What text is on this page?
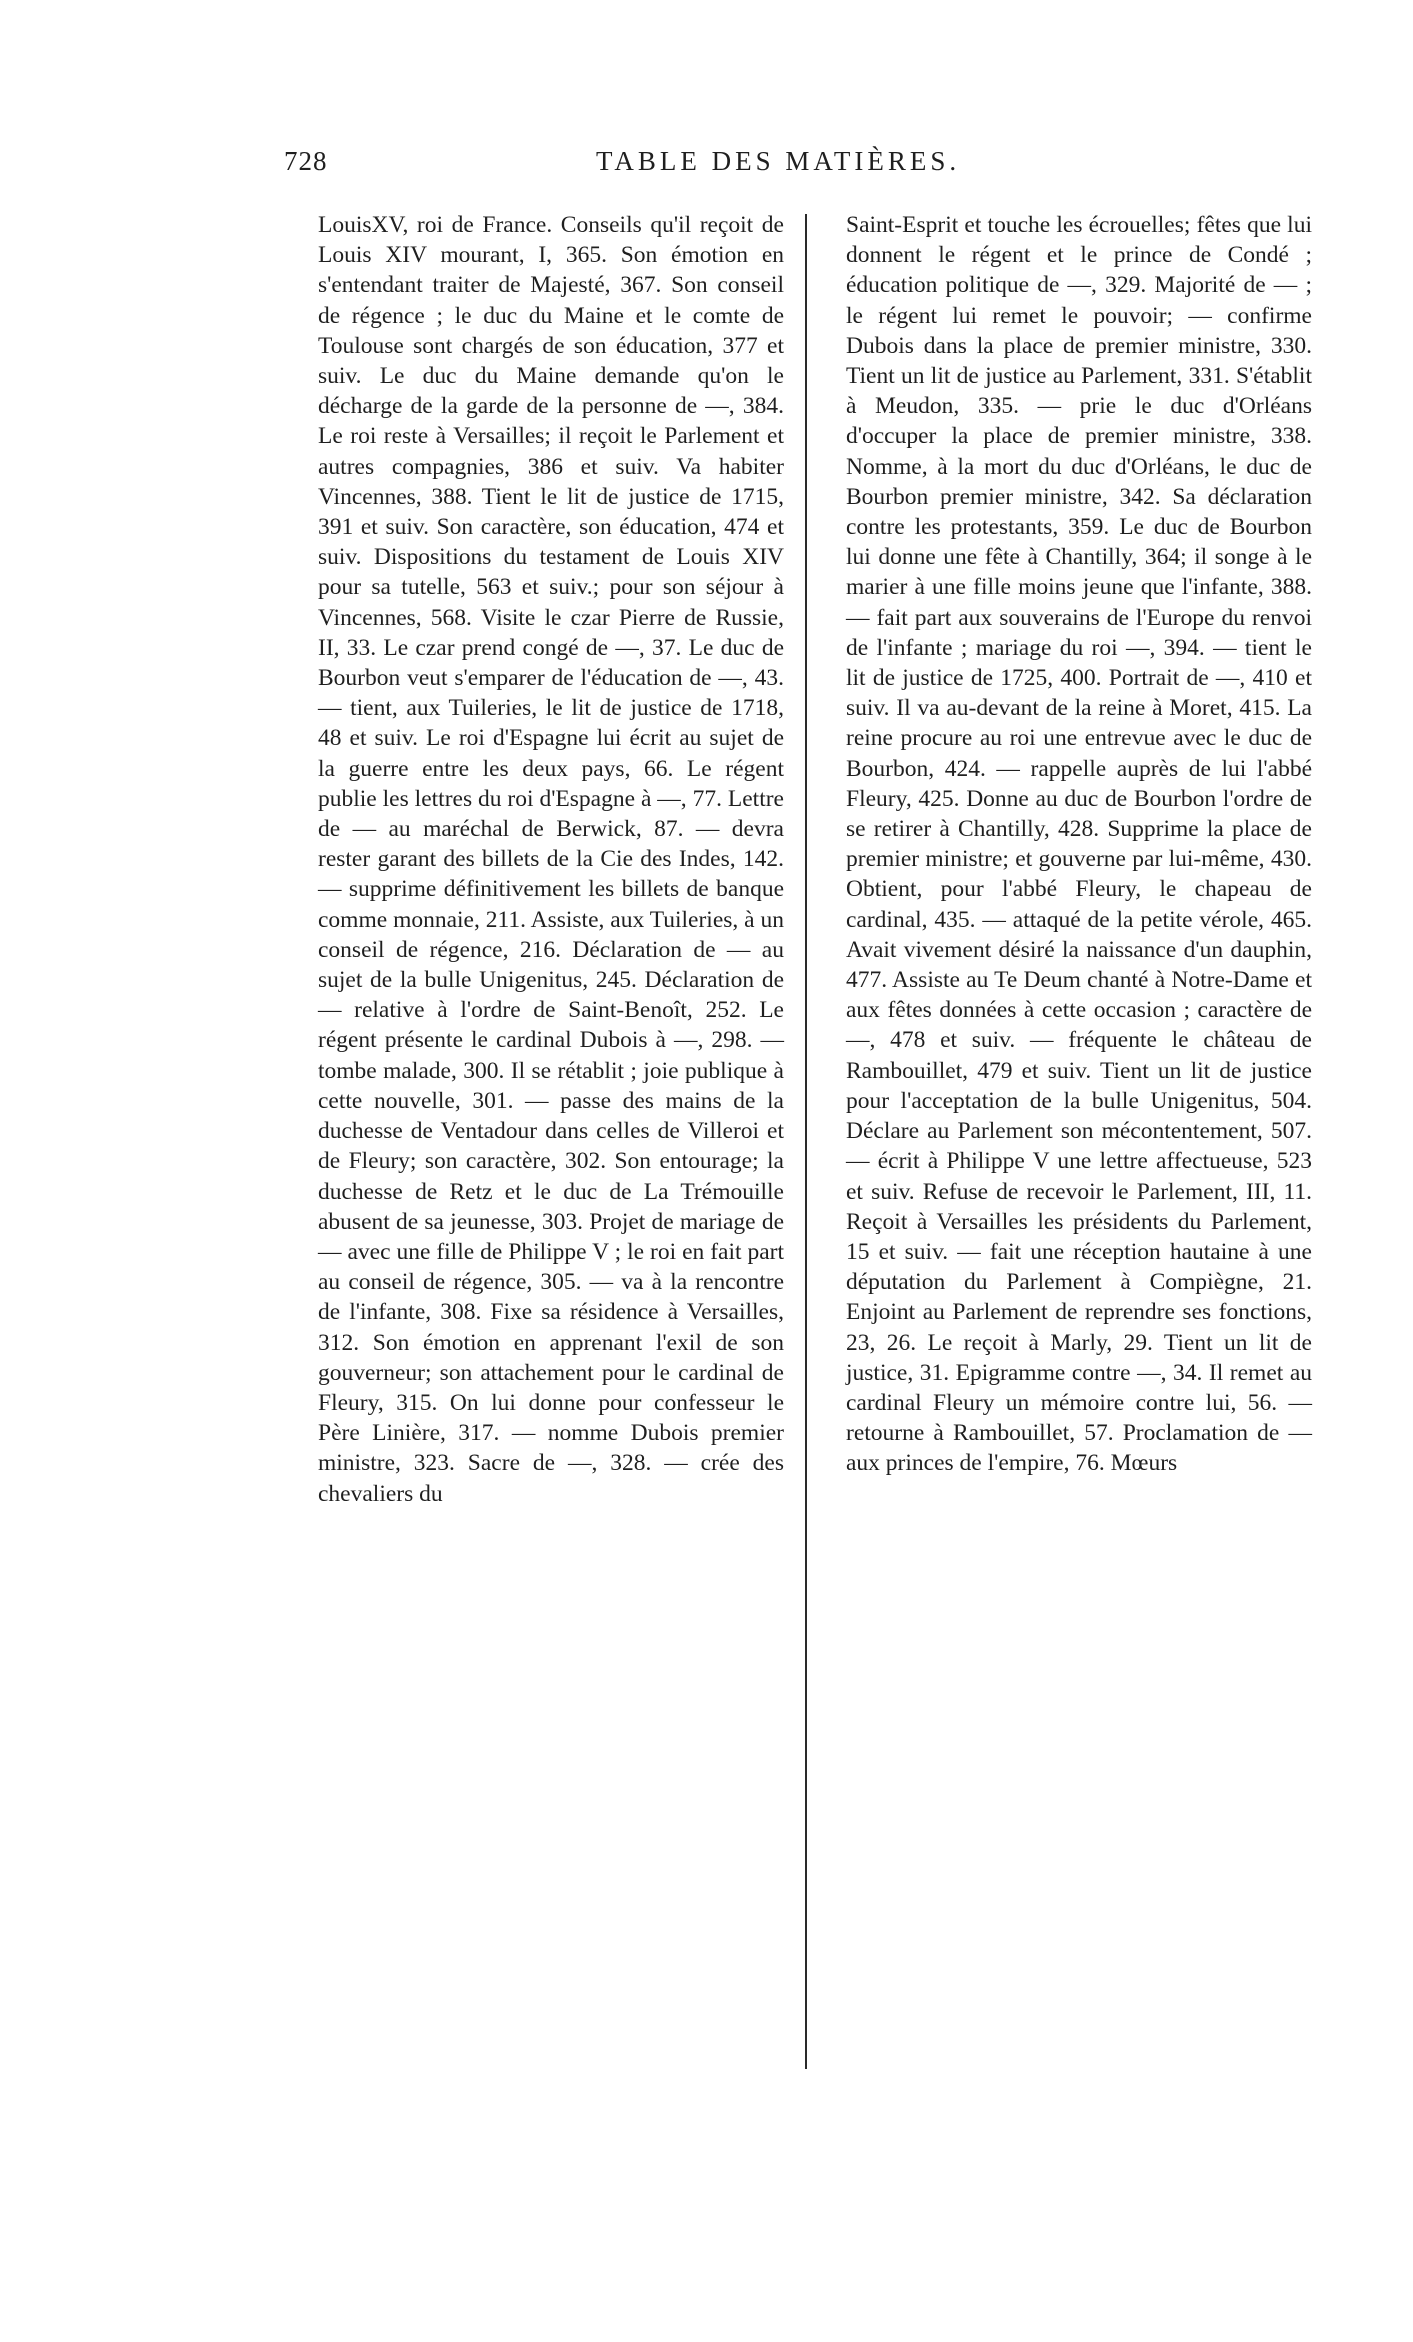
728	TABLE DES MATIÈRES.

LouisXV, roi de France. Conseils qu'il reçoit de Louis XIV mourant, I, 365. Son émotion en s'entendant traiter de Majesté, 367. Son conseil de régence ; le duc du Maine et le comte de Toulouse sont chargés de son éducation, 377 et suiv. Le duc du Maine demande qu'on le décharge de la garde de la personne de —, 384. Le roi reste à Versailles; il reçoit le Parlement et autres compagnies, 386 et suiv. Va habiter Vincennes, 388. Tient le lit de justice de 1715, 391 et suiv. Son caractère, son éducation, 474 et suiv. Dispositions du testament de Louis XIV pour sa tutelle, 563 et suiv.; pour son séjour à Vincennes, 568. Visite le czar Pierre de Russie, II, 33. Le czar prend congé de —, 37. Le duc de Bourbon veut s'emparer de l'éducation de —, 43. — tient, aux Tuileries, le lit de justice de 1718, 48 et suiv. Le roi d'Espagne lui écrit au sujet de la guerre entre les deux pays, 66. Le régent publie les lettres du roi d'Espagne à —, 77. Lettre de — au maréchal de Berwick, 87. — devra rester garant des billets de la Cie des Indes, 142. — supprime définitivement les billets de banque comme monnaie, 211. Assiste, aux Tuileries, à un conseil de régence, 216. Déclaration de — au sujet de la bulle Unigenitus, 245. Déclaration de — relative à l'ordre de Saint-Benoît, 252. Le régent présente le cardinal Dubois à —, 298. — tombe malade, 300. Il se rétablit ; joie publique à cette nouvelle, 301. — passe des mains de la duchesse de Ventadour dans celles de Villeroi et de Fleury; son caractère, 302. Son entourage; la duchesse de Retz et le duc de La Trémouille abusent de sa jeunesse, 303. Projet de mariage de — avec une fille de Philippe V ; le roi en fait part au conseil de régence, 305. — va à la rencontre de l'infante, 308. Fixe sa résidence à Versailles, 312. Son émotion en apprenant l'exil de son gouverneur; son attachement pour le cardinal de Fleury, 315. On lui donne pour confesseur le Père Linière, 317. — nomme Dubois premier ministre, 323. Sacre de —, 328. — crée des chevaliers du

Saint-Esprit et touche les écrouelles; fêtes que lui donnent le régent et le prince de Condé ; éducation politique de —, 329. Majorité de — ; le régent lui remet le pouvoir; — confirme Dubois dans la place de premier ministre, 330. Tient un lit de justice au Parlement, 331. S'établit à Meudon, 335. — prie le duc d'Orléans d'occuper la place de premier ministre, 338. Nomme, à la mort du duc d'Orléans, le duc de Bourbon premier ministre, 342. Sa déclaration contre les protestants, 359. Le duc de Bourbon lui donne une fête à Chantilly, 364; il songe à le marier à une fille moins jeune que l'infante, 388. — fait part aux souverains de l'Europe du renvoi de l'infante ; mariage du roi —, 394. — tient le lit de justice de 1725, 400. Portrait de —, 410 et suiv. Il va au-devant de la reine à Moret, 415. La reine procure au roi une entrevue avec le duc de Bourbon, 424. — rappelle auprès de lui l'abbé Fleury, 425. Donne au duc de Bourbon l'ordre de se retirer à Chantilly, 428. Supprime la place de premier ministre; et gouverne par lui-même, 430. Obtient, pour l'abbé Fleury, le chapeau de cardinal, 435. — attaqué de la petite vérole, 465. Avait vivement désiré la naissance d'un dauphin, 477. Assiste au Te Deum chanté à Notre-Dame et aux fêtes données à cette occasion ; caractère de —, 478 et suiv. — fréquente le château de Rambouillet, 479 et suiv. Tient un lit de justice pour l'acceptation de la bulle Unigenitus, 504. Déclare au Parlement son mécontentement, 507. — écrit à Philippe V une lettre affectueuse, 523 et suiv. Refuse de recevoir le Parlement, III, 11. Reçoit à Versailles les présidents du Parlement, 15 et suiv. — fait une réception hautaine à une députation du Parlement à Compiègne, 21. Enjoint au Parlement de reprendre ses fonctions, 23, 26. Le reçoit à Marly, 29. Tient un lit de justice, 31. Epigramme contre —, 34. Il remet au cardinal Fleury un mémoire contre lui, 56. — retourne à Rambouillet, 57. Proclamation de — aux princes de l'empire, 76. Mœurs
